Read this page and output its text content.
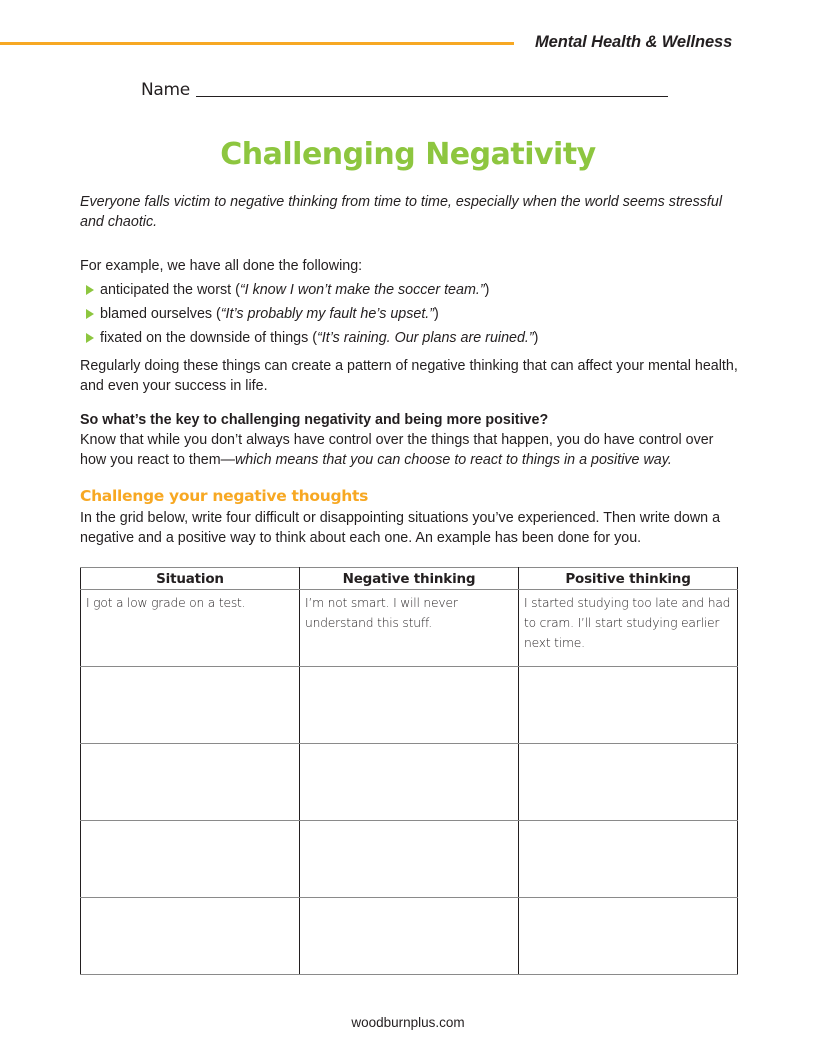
Mental Health & Wellness
Name
Challenging Negativity
Everyone falls victim to negative thinking from time to time, especially when the world seems stressful and chaotic.
For example, we have all done the following:
anticipated the worst ( “I know I won’t make the soccer team.” )
blamed ourselves ( “It’s probably my fault he’s upset.” )
fixated on the downside of things ( “It’s raining. Our plans are ruined.” )
Regularly doing these things can create a pattern of negative thinking that can affect your mental health, and even your success in life.
So what’s the key to challenging negativity and being more positive?
Know that while you don’t always have control over the things that happen, you do have control over how you react to them—which means that you can choose to react to things in a positive way.
Challenge your negative thoughts
In the grid below, write four difficult or disappointing situations you’ve experienced. Then write down a negative and a positive way to think about each one. An example has been done for you.
Situation	Negative thinking	Positive thinking

I got a low grade on a test.	I’m not smart. I will never understand this stuff.	I started studying too late and had to cram. I’ll start studying earlier next time.

woodburnplus.com
